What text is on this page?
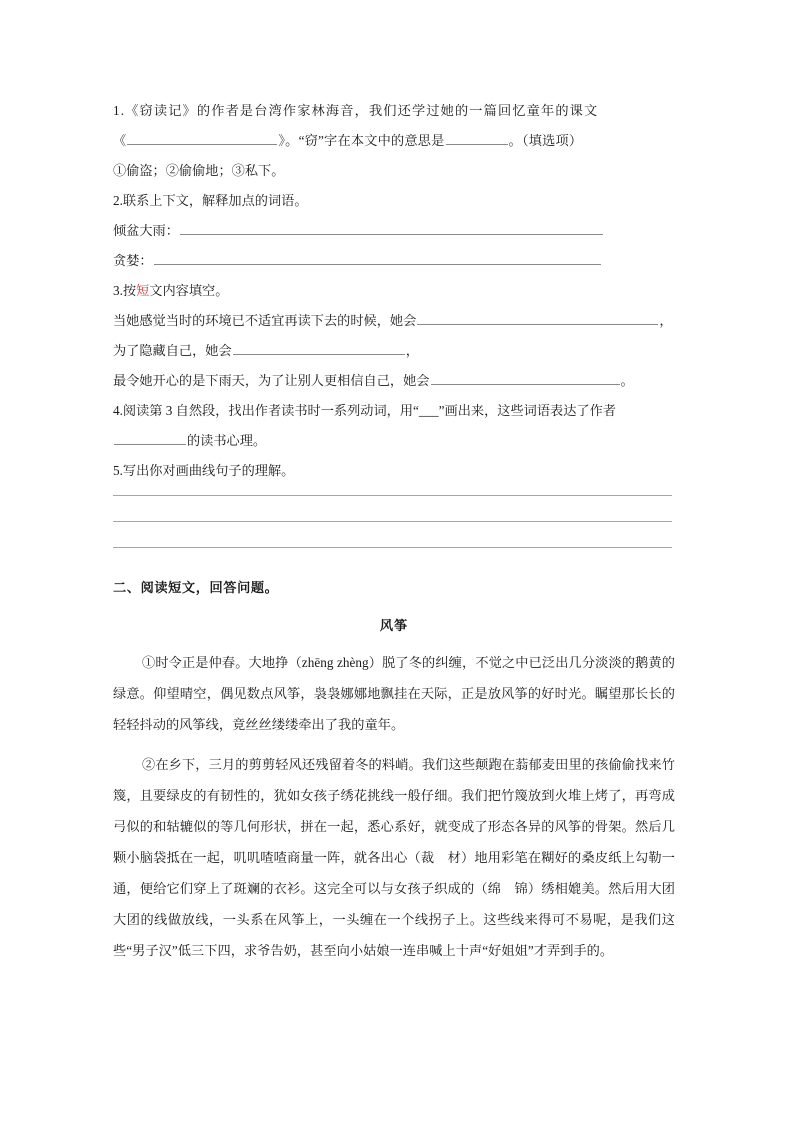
1.《窃读记》的作者是台湾作家林海音，我们还学过她的一篇回忆童年的课文
《	》。“窃”字在本文中的意思是	。（填选项）
①偷盗；②偷偷地；③私下。
2.联系上下文，解释加点的词语。
倾盆大雨：
贪婪：
3.按短文内容填空。
当她感觉当时的环境已不适宜再读下去的时候，她会	，
为了隐藏自己，她会	，
最令她开心的是下雨天，为了让别人更相信自己，她会	。
4.阅读第 3 自然段，找出作者读书时一系列动词，用“___”画出来，这些词语表达了作者
的读书心理。
5.写出你对画曲线句子的理解。
二、阅读短文，回答问题。
风筝
①时令正是仲春。大地挣（zhēng zhèng）脱了冬的纠缠，不觉之中已泛出几分淡淡的鹅黄的绿意。仰望晴空，偶见数点风筝，袅袅娜娜地飘挂在天际，正是放风筝的好时光。瞩望那长长的轻轻抖动的风筝线，竟丝丝缕缕牵出了我的童年。
②在乡下，三月的剪剪轻风还残留着冬的料峭。我们这些颠跑在蓊郁麦田里的孩偷偷找来竹篾，且要绿皮的有韧性的，犹如女孩子绣花挑线一般仔细。我们把竹篾放到火堆上烤了，再弯成弓似的和轱辘似的等几何形状，拼在一起，悉心系好，就变成了形态各异的风筝的骨架。然后几颗小脑袋抵在一起，叽叽喳喳商量一阵，就各出心（裁　材）地用彩笔在糊好的桑皮纸上勾勒一通，便给它们穿上了斑斓的衣衫。这完全可以与女孩子织成的（绵　锦）绣相媲美。然后用大团大团的线做放线，一头系在风筝上，一头缠在一个线拐子上。这些线来得可不易呢，是我们这些“男子汉”低三下四，求爷告奶，甚至向小姑娘一连串喊上十声“好姐姐”才弄到手的。
